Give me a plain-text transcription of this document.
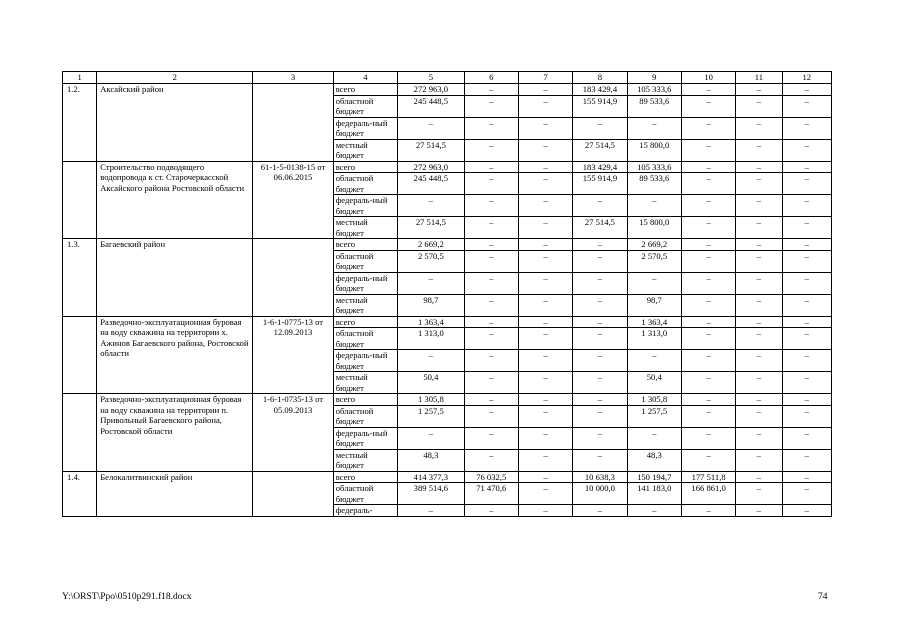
1	2	3	4	5	6	7	8	9	10	11	12
1.2.	Аксайский район		всего	272 963,0	–	–	183 429,4	105 333,6	–	–	–
			областной бюджет	245 448,5	–	–	155 914,9	89 533,6	–	–	–
			федераль-ный бюджет	–	–	–	–	–	–	–	–
			местный бюджет	27 514,5	–	–	27 514,5	15 800,0	–	–	–
	Строительство подводящего водопровода к ст. Старочеркасской Аксайского района Ростовской области	61-1-5-0138-15 от 06.06.2015	всего	272 963,0	–	–	183 429,4	105 333,6	–	–	–
			областной бюджет	245 448,5	–	–	155 914,9	89 533,6	–	–	–
			федераль-ный бюджет	–	–	–	–	–	–	–	–
			местный бюджет	27 514,5	–	–	27 514,5	15 800,0	–	–	–
1.3.	Багаевский район		всего	2 669,2	–	–	–	2 669,2	–	–	–
			областной бюджет	2 570,5	–	–	–	2 570,5	–	–	–
			федераль-ный бюджет	–	–	–	–	–	–	–	–
			местный бюджет	98,7	–	–	–	98,7	–	–	–
	Разведочно-эксплуатационная буровая на воду скважина на территории х. Ажинов Багаевского района, Ростовской области	1-6-1-0775-13 от 12.09.2013	всего	1 363,4	–	–	–	1 363,4	–	–	–
			областной бюджет	1 313,0	–	–	–	1 313,0	–	–	–
			федераль-ный бюджет	–	–	–	–	–	–	–	–
			местный бюджет	50,4	–	–	–	50,4	–	–	–
	Разведочно-эксплуатационная буровая на воду скважина на территории п. Привольный Багаевского района, Ростовской области	1-6-1-0735-13 от 05.09.2013	всего	1 305,8	–	–	–	1 305,8	–	–	–
			областной бюджет	1 257,5	–	–	–	1 257,5	–	–	–
			федераль-ный бюджет	–	–	–	–	–	–	–	–
			местный бюджет	48,3	–	–	–	48,3	–	–	–
1.4.	Белокалитвинский район		всего	414 377,3	76 032,5	–	10 638,3	150 194,7	177 511,8	–	–
			областной бюджет	389 514,6	71 470,6	–	10 000,0	141 183,0	166 861,0	–	–
			федераль-	–	–	–	–	–	–	–	–
Y:\ORST\Ppo\0510p291.f18.docx	74
